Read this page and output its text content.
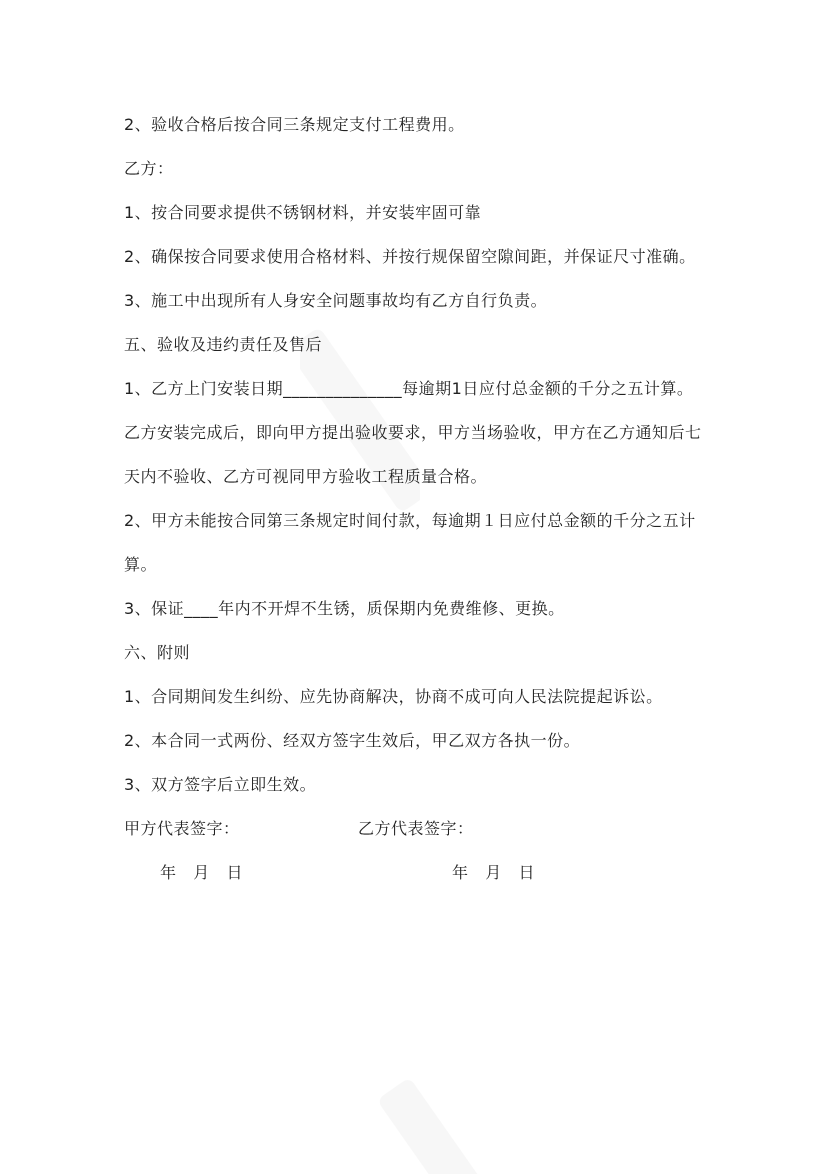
2、验收合格后按合同三条规定支付工程费用。
乙方：
1、按合同要求提供不锈钢材料，并安装牢固可靠
2、确保按合同要求使用合格材料、并按行规保留空隙间距，并保证尺寸准确。
3、施工中出现所有人身安全问题事故均有乙方自行负责。
五、验收及违约责任及售后
1、乙方上门安装日期______________每逾期1日应付总金额的千分之五计算。
乙方安装完成后，即向甲方提出验收要求，甲方当场验收，甲方在乙方通知后七
天内不验收、乙方可视同甲方验收工程质量合格。
2、甲方未能按合同第三条规定时间付款，每逾期１日应付总金额的千分之五计
算。
3、保证____年内不开焊不生锈，质保期内免费维修、更换。
六、附则
1、合同期间发生纠纷、应先协商解决，协商不成可向人民法院提起诉讼。
2、本合同一式两份、经双方签字生效后，甲乙双方各执一份。
3、双方签字后立即生效。
甲方代表签字：	乙方代表签字：
年   月   日	年   月   日
